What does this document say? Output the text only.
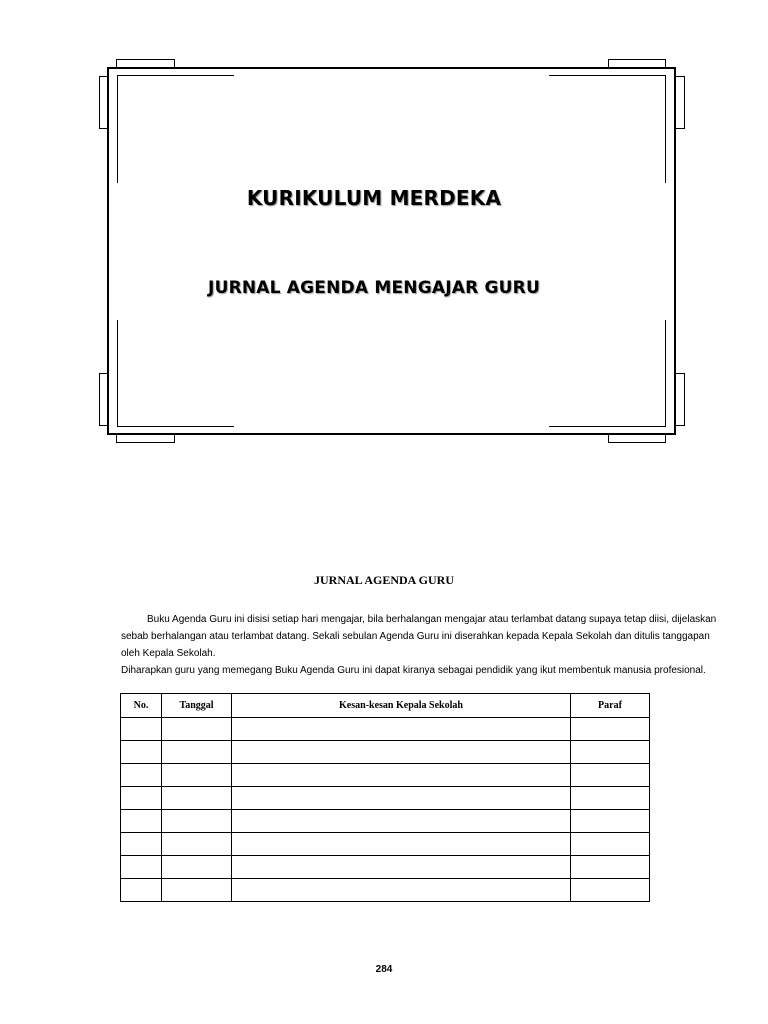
KURIKULUM MERDEKA
JURNAL AGENDA MENGAJAR GURU
JURNAL AGENDA GURU
Buku Agenda Guru ini disisi setiap hari mengajar, bila berhalangan mengajar atau terlambat datang supaya tetap diisi, dijelaskan sebab berhalangan atau terlambat datang. Sekali sebulan Agenda Guru ini diserahkan kepada Kepala Sekolah dan ditulis tanggapan oleh Kepala Sekolah.
Diharapkan guru yang memegang Buku Agenda Guru ini dapat kiranya sebagai pendidik yang ikut membentuk manusia profesional.
No.	Tanggal	Kesan-kesan Kepala Sekolah	Paraf

284
